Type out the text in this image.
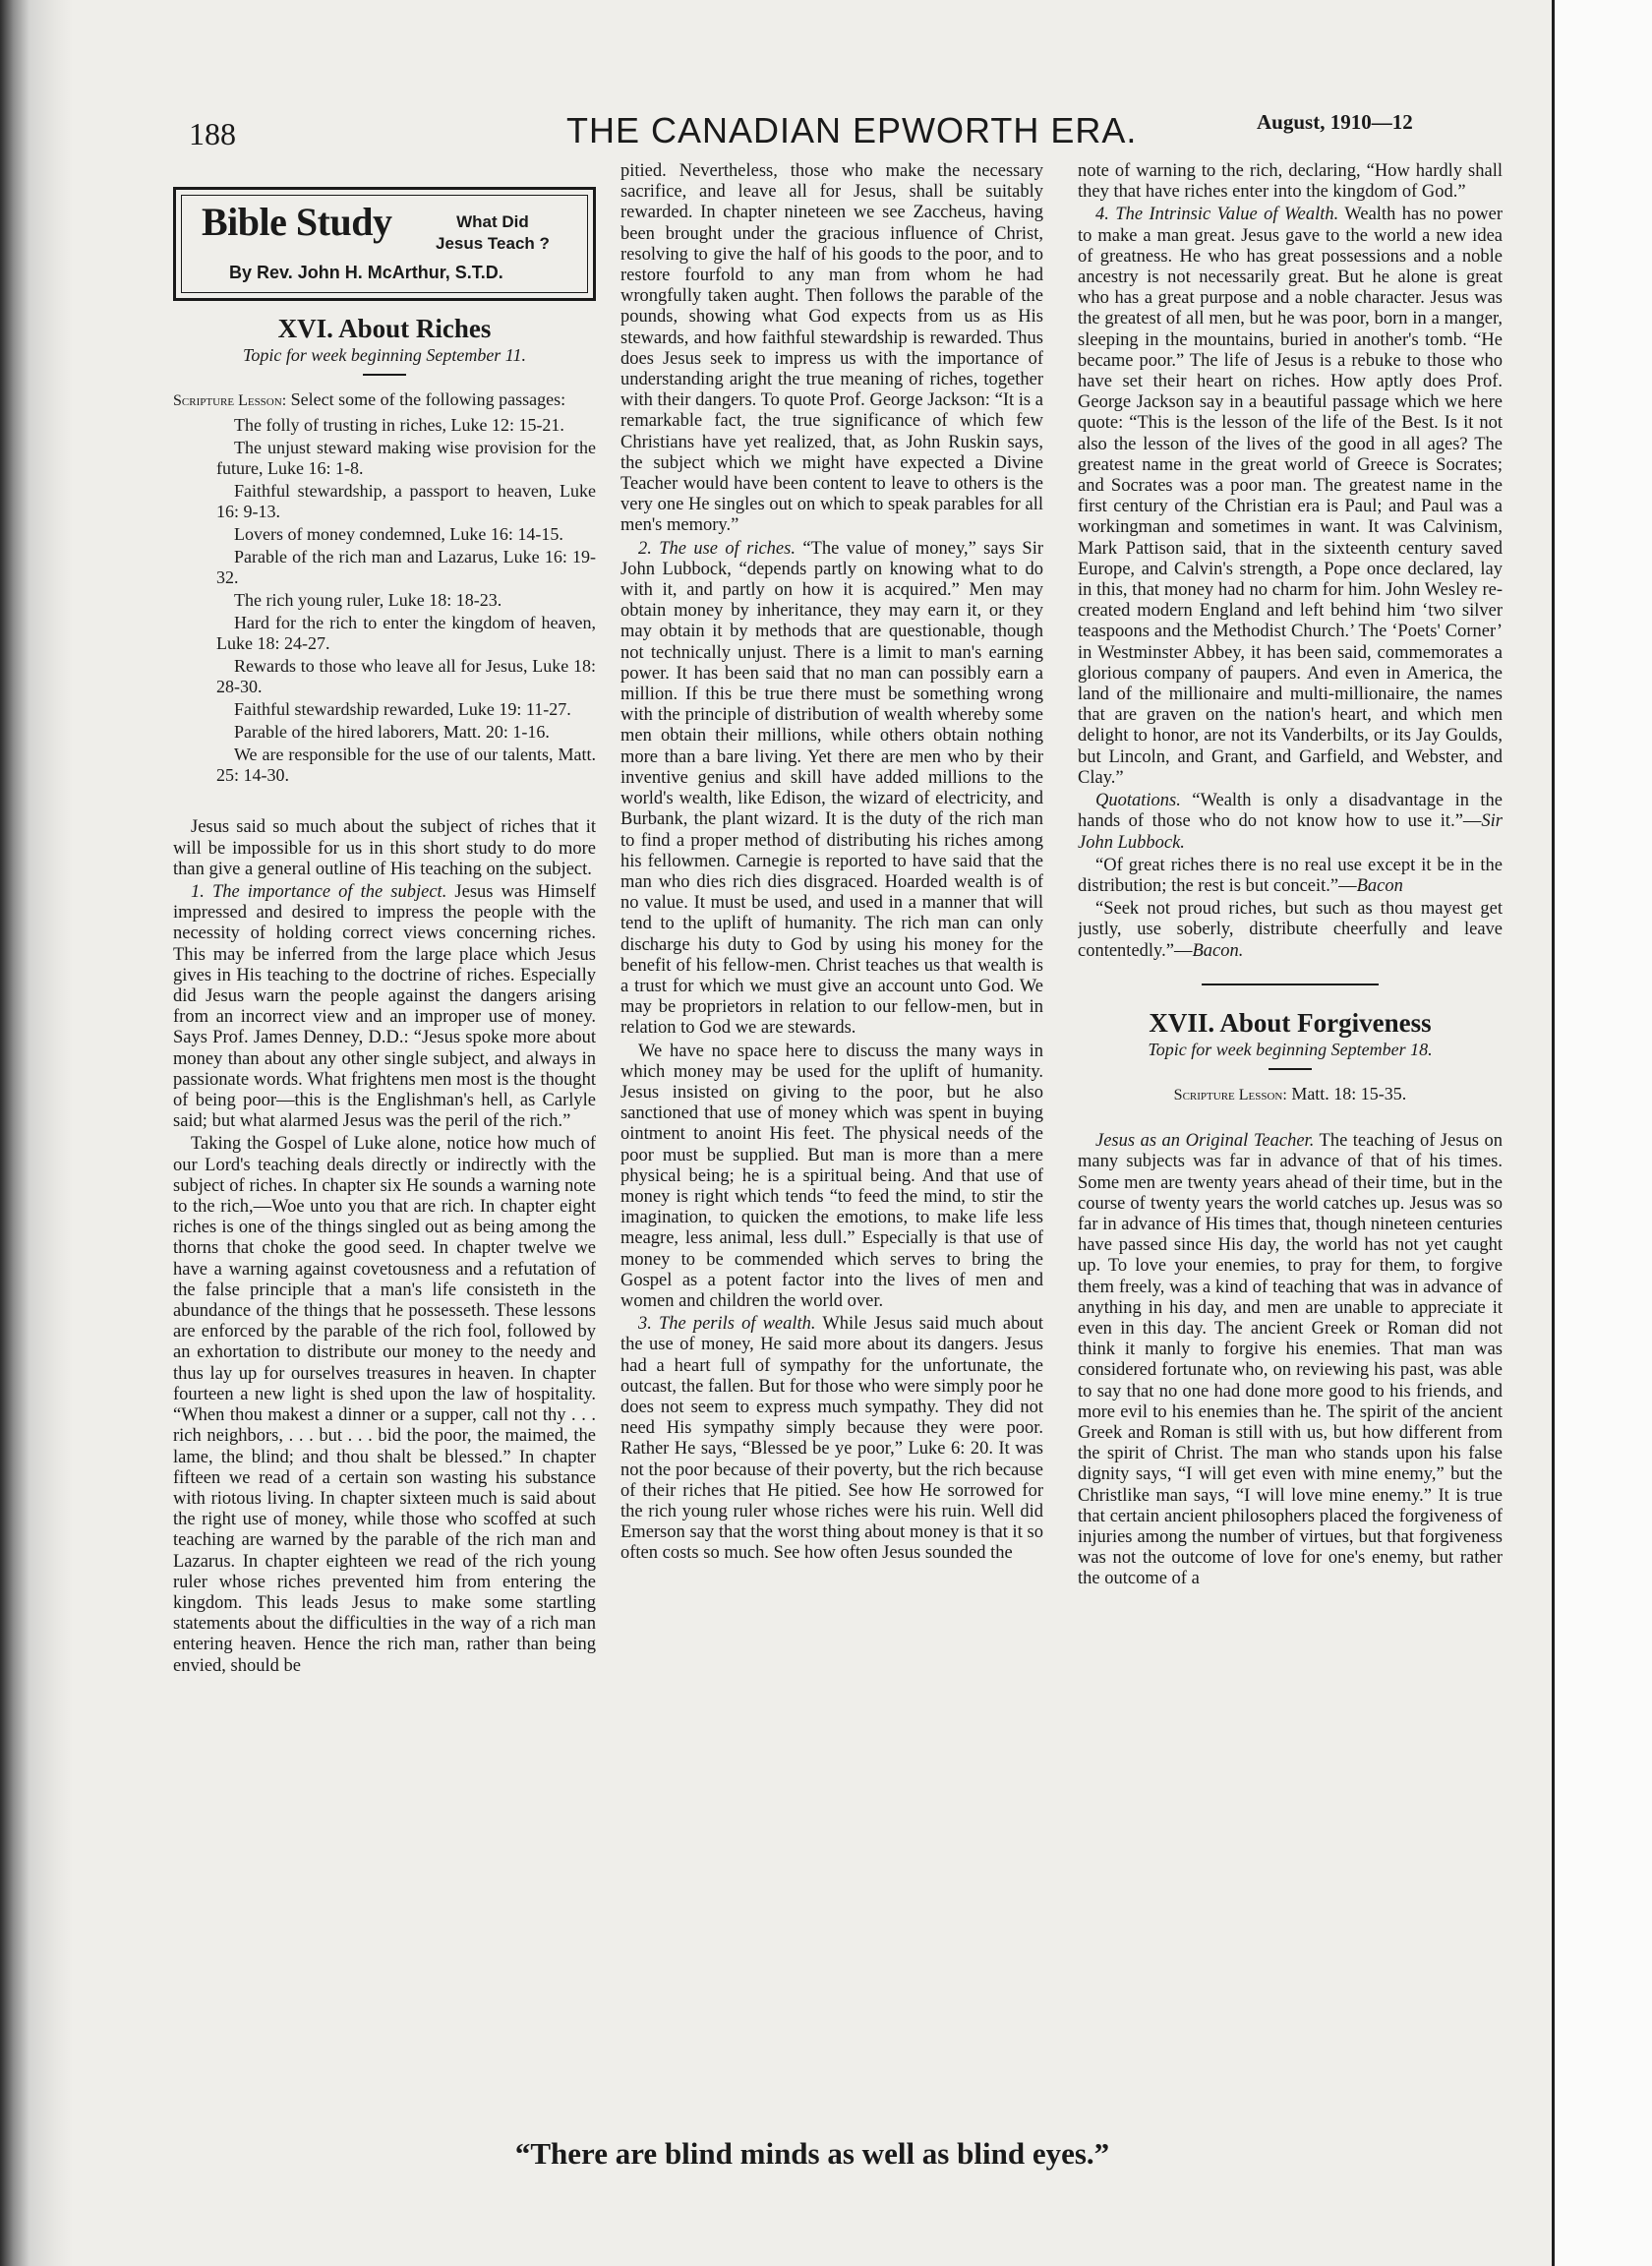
188	THE CANADIAN EPWORTH ERA.	August, 1910—12
Bible Study	What Did
Jesus Teach ?
By Rev. John H. McArthur, S.T.D.
XVI. About Riches
Topic for week beginning September 11.
Scripture Lesson: Select some of the following passages:

The folly of trusting in riches, Luke 12: 15-21.

The unjust steward making wise provision for the future, Luke 16: 1-8.

Faithful stewardship, a passport to heaven, Luke 16: 9-13.

Lovers of money condemned, Luke 16: 14-15.

Parable of the rich man and Lazarus, Luke 16: 19-32.

The rich young ruler, Luke 18: 18-23.

Hard for the rich to enter the kingdom of heaven, Luke 18: 24-27.

Rewards to those who leave all for Jesus, Luke 18: 28-30.

Faithful stewardship rewarded, Luke 19: 11-27.

Parable of the hired laborers, Matt. 20: 1-16.

We are responsible for the use of our talents, Matt. 25: 14-30.

Jesus said so much about the subject of riches that it will be impossible for us in this short study to do more than give a general outline of His teaching on the subject.

1. The importance of the subject. Jesus was Himself impressed and desired to impress the people with the necessity of holding correct views concerning riches. This may be inferred from the large place which Jesus gives in His teaching to the doctrine of riches. Especially did Jesus warn the people against the dangers arising from an incorrect view and an improper use of money. Says Prof. James Denney, D.D.: “Jesus spoke more about money than about any other single subject, and always in passionate words. What frightens men most is the thought of being poor—this is the Englishman's hell, as Carlyle said; but what alarmed Jesus was the peril of the rich.”

Taking the Gospel of Luke alone, notice how much of our Lord's teaching deals directly or indirectly with the subject of riches. In chapter six He sounds a warning note to the rich,—Woe unto you that are rich. In chapter eight riches is one of the things singled out as being among the thorns that choke the good seed. In chapter twelve we have a warning against covetousness and a refutation of the false principle that a man's life consisteth in the abundance of the things that he possesseth. These lessons are enforced by the parable of the rich fool, followed by an exhortation to distribute our money to the needy and thus lay up for ourselves treasures in heaven. In chapter fourteen a new light is shed upon the law of hospitality. “When thou makest a dinner or a supper, call not thy . . . rich neighbors, . . . but . . . bid the poor, the maimed, the lame, the blind; and thou shalt be blessed.” In chapter fifteen we read of a certain son wasting his substance with riotous living. In chapter sixteen much is said about the right use of money, while those who scoffed at such teaching are warned by the parable of the rich man and Lazarus. In chapter eighteen we read of the rich young ruler whose riches prevented him from entering the kingdom. This leads Jesus to make some startling statements about the difficulties in the way of a rich man entering heaven. Hence the rich man, rather than being envied, should be

pitied. Nevertheless, those who make the necessary sacrifice, and leave all for Jesus, shall be suitably rewarded. In chapter nineteen we see Zaccheus, having been brought under the gracious influence of Christ, resolving to give the half of his goods to the poor, and to restore fourfold to any man from whom he had wrongfully taken aught. Then follows the parable of the pounds, showing what God expects from us as His stewards, and how faithful stewardship is rewarded. Thus does Jesus seek to impress us with the importance of understanding aright the true meaning of riches, together with their dangers. To quote Prof. George Jackson: “It is a remarkable fact, the true significance of which few Christians have yet realized, that, as John Ruskin says, the subject which we might have expected a Divine Teacher would have been content to leave to others is the very one He singles out on which to speak parables for all men's memory.”

2. The use of riches. “The value of money,” says Sir John Lubbock, “depends partly on knowing what to do with it, and partly on how it is acquired.” Men may obtain money by inheritance, they may earn it, or they may obtain it by methods that are questionable, though not technically unjust. There is a limit to man's earning power. It has been said that no man can possibly earn a million. If this be true there must be something wrong with the principle of distribution of wealth whereby some men obtain their millions, while others obtain nothing more than a bare living. Yet there are men who by their inventive genius and skill have added millions to the world's wealth, like Edison, the wizard of electricity, and Burbank, the plant wizard. It is the duty of the rich man to find a proper method of distributing his riches among his fellowmen. Carnegie is reported to have said that the man who dies rich dies disgraced. Hoarded wealth is of no value. It must be used, and used in a manner that will tend to the uplift of humanity. The rich man can only discharge his duty to God by using his money for the benefit of his fellow-men. Christ teaches us that wealth is a trust for which we must give an account unto God. We may be proprietors in relation to our fellow-men, but in relation to God we are stewards.

We have no space here to discuss the many ways in which money may be used for the uplift of humanity. Jesus insisted on giving to the poor, but he also sanctioned that use of money which was spent in buying ointment to anoint His feet. The physical needs of the poor must be supplied. But man is more than a mere physical being; he is a spiritual being. And that use of money is right which tends “to feed the mind, to stir the imagination, to quicken the emotions, to make life less meagre, less animal, less dull.” Especially is that use of money to be commended which serves to bring the Gospel as a potent factor into the lives of men and women and children the world over.

3. The perils of wealth. While Jesus said much about the use of money, He said more about its dangers. Jesus had a heart full of sympathy for the unfortunate, the outcast, the fallen. But for those who were simply poor he does not seem to express much sympathy. They did not need His sympathy simply because they were poor. Rather He says, “Blessed be ye poor,” Luke 6: 20. It was not the poor because of their poverty, but the rich because of their riches that He pitied. See how He sorrowed for the rich young ruler whose riches were his ruin. Well did Emerson say that the worst thing about money is that it so often costs so much. See how often Jesus sounded the

note of warning to the rich, declaring, “How hardly shall they that have riches enter into the kingdom of God.”

4. The Intrinsic Value of Wealth. Wealth has no power to make a man great. Jesus gave to the world a new idea of greatness. He who has great possessions and a noble ancestry is not necessarily great. But he alone is great who has a great purpose and a noble character. Jesus was the greatest of all men, but he was poor, born in a manger, sleeping in the mountains, buried in another's tomb. “He became poor.” The life of Jesus is a rebuke to those who have set their heart on riches. How aptly does Prof. George Jackson say in a beautiful passage which we here quote: “This is the lesson of the life of the Best. Is it not also the lesson of the lives of the good in all ages? The greatest name in the great world of Greece is Socrates; and Socrates was a poor man. The greatest name in the first century of the Christian era is Paul; and Paul was a workingman and sometimes in want. It was Calvinism, Mark Pattison said, that in the sixteenth century saved Europe, and Calvin's strength, a Pope once declared, lay in this, that money had no charm for him. John Wesley re-created modern England and left behind him ‘two silver teaspoons and the Methodist Church.’ The ‘Poets' Corner’ in Westminster Abbey, it has been said, commemorates a glorious company of paupers. And even in America, the land of the millionaire and multi-millionaire, the names that are graven on the nation's heart, and which men delight to honor, are not its Vanderbilts, or its Jay Goulds, but Lincoln, and Grant, and Garfield, and Webster, and Clay.”

Quotations. “Wealth is only a disadvantage in the hands of those who do not know how to use it.”—Sir John Lubbock.

“Of great riches there is no real use except it be in the distribution; the rest is but conceit.”—Bacon

“Seek not proud riches, but such as thou mayest get justly, use soberly, distribute cheerfully and leave contentedly.”—Bacon.

XVII. About Forgiveness
Topic for week beginning September 18.
Scripture Lesson: Matt. 18: 15-35.

Jesus as an Original Teacher. The teaching of Jesus on many subjects was far in advance of that of his times. Some men are twenty years ahead of their time, but in the course of twenty years the world catches up. Jesus was so far in advance of His times that, though nineteen centuries have passed since His day, the world has not yet caught up. To love your enemies, to pray for them, to forgive them freely, was a kind of teaching that was in advance of anything in his day, and men are unable to appreciate it even in this day. The ancient Greek or Roman did not think it manly to forgive his enemies. That man was considered fortunate who, on reviewing his past, was able to say that no one had done more good to his friends, and more evil to his enemies than he. The spirit of the ancient Greek and Roman is still with us, but how different from the spirit of Christ. The man who stands upon his false dignity says, “I will get even with mine enemy,” but the Christlike man says, “I will love mine enemy.” It is true that certain ancient philosophers placed the forgiveness of injuries among the number of virtues, but that forgiveness was not the outcome of love for one's enemy, but rather the outcome of a

“There are blind minds as well as blind eyes.”
